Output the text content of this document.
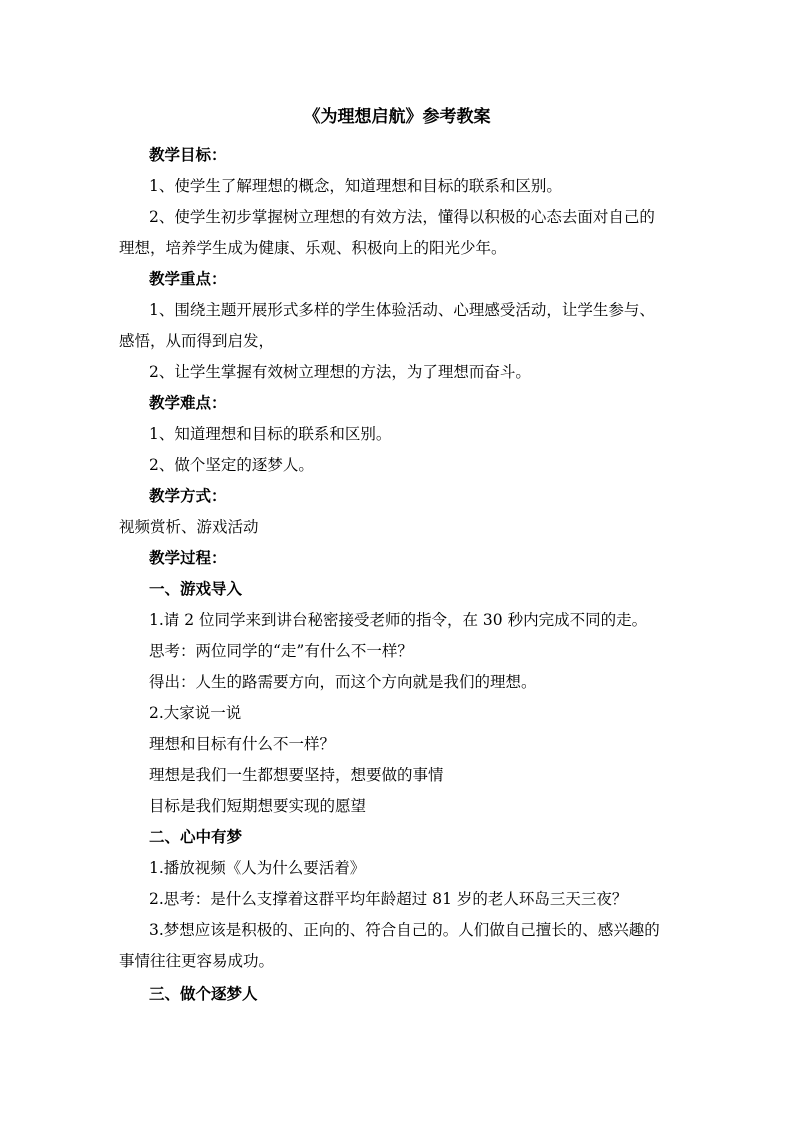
《为理想启航》参考教案
教学目标：
1、使学生了解理想的概念，知道理想和目标的联系和区别。
2、使学生初步掌握树立理想的有效方法，懂得以积极的心态去面对自己的
理想，培养学生成为健康、乐观、积极向上的阳光少年。
教学重点：
1、围绕主题开展形式多样的学生体验活动、心理感受活动，让学生参与、
感悟，从而得到启发，
2、让学生掌握有效树立理想的方法，为了理想而奋斗。
教学难点：
1、知道理想和目标的联系和区别。
2、做个坚定的逐梦人。
教学方式：
视频赏析、游戏活动
教学过程：
一、游戏导入
1.请 2 位同学来到讲台秘密接受老师的指令，在 30 秒内完成不同的走。
思考：两位同学的“走”有什么不一样？
得出：人生的路需要方向，而这个方向就是我们的理想。
2.大家说一说
理想和目标有什么不一样？
理想是我们一生都想要坚持，想要做的事情
目标是我们短期想要实现的愿望
二、心中有梦
1.播放视频《人为什么要活着》
2.思考：是什么支撑着这群平均年龄超过 81 岁的老人环岛三天三夜？
3.梦想应该是积极的、正向的、符合自己的。人们做自己擅长的、感兴趣的
事情往往更容易成功。
三、做个逐梦人
